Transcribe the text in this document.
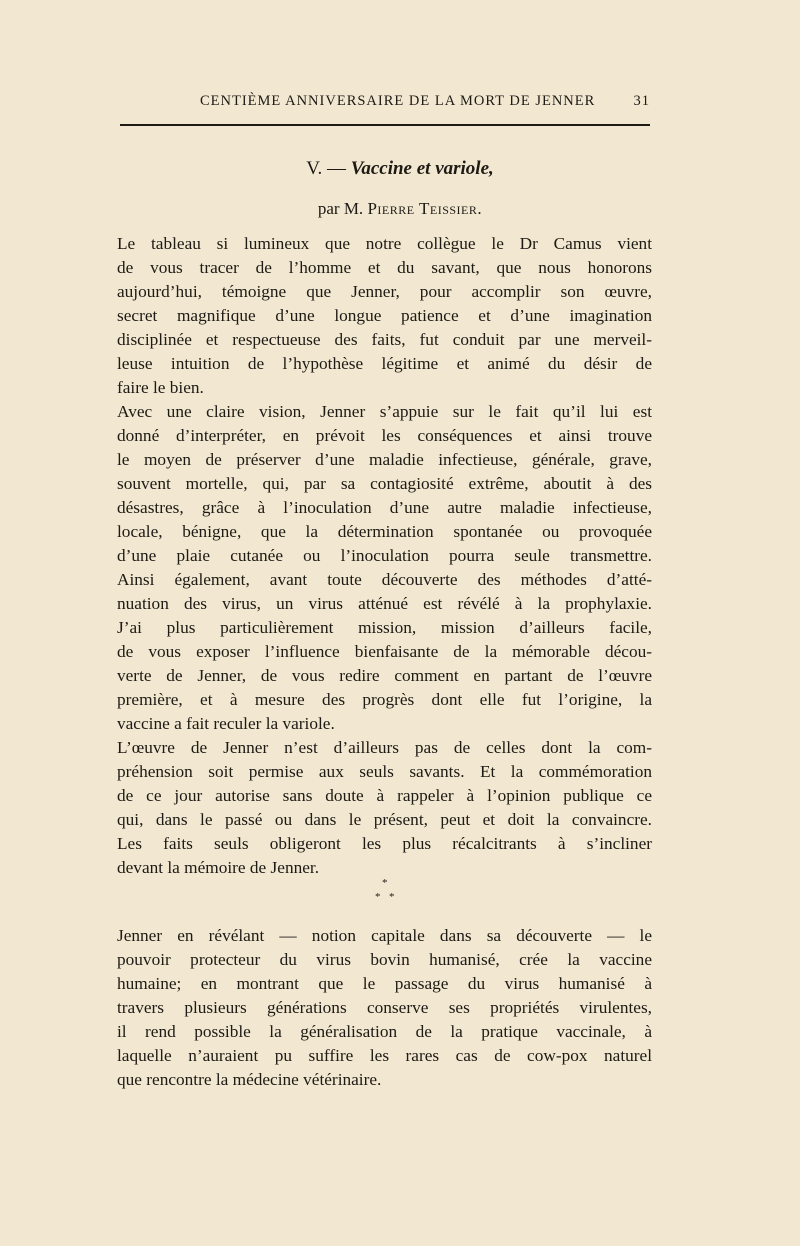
CENTIÈME ANNIVERSAIRE DE LA MORT DE JENNER	31
V. — Vaccine et variole,
par M. Pierre Teissier.
Le tableau si lumineux que notre collègue le Dr Camus vient
de vous tracer de l’homme et du savant, que nous honorons
aujourd’hui, témoigne que Jenner, pour accomplir son œuvre,
secret magnifique d’une longue patience et d’une imagination
disciplinée et respectueuse des faits, fut conduit par une merveil-
leuse intuition de l’hypothèse légitime et animé du désir de
faire le bien.
Avec une claire vision, Jenner s’appuie sur le fait qu’il lui est
donné d’interpréter, en prévoit les conséquences et ainsi trouve
le moyen de préserver d’une maladie infectieuse, générale, grave,
souvent mortelle, qui, par sa contagiosité extrême, aboutit à des
désastres, grâce à l’inoculation d’une autre maladie infectieuse,
locale, bénigne, que la détermination spontanée ou provoquée
d’une plaie cutanée ou l’inoculation pourra seule transmettre.
Ainsi également, avant toute découverte des méthodes d’atté-
nuation des virus, un virus atténué est révélé à la prophylaxie.
J’ai plus particulièrement mission, mission d’ailleurs facile,
de vous exposer l’influence bienfaisante de la mémorable décou-
verte de Jenner, de vous redire comment en partant de l’œuvre
première, et à mesure des progrès dont elle fut l’origine, la
vaccine a fait reculer la variole.
L’œuvre de Jenner n’est d’ailleurs pas de celles dont la com-
préhension soit permise aux seuls savants. Et la commémoration
de ce jour autorise sans doute à rappeler à l’opinion publique ce
qui, dans le passé ou dans le présent, peut et doit la convaincre.
Les faits seuls obligeront les plus récalcitrants à s’incliner
devant la mémoire de Jenner.
*
* *
Jenner en révélant — notion capitale dans sa découverte — le
pouvoir protecteur du virus bovin humanisé, crée la vaccine
humaine; en montrant que le passage du virus humanisé à
travers plusieurs générations conserve ses propriétés virulentes,
il rend possible la généralisation de la pratique vaccinale, à
laquelle n’auraient pu suffire les rares cas de cow-pox naturel
que rencontre la médecine vétérinaire.
